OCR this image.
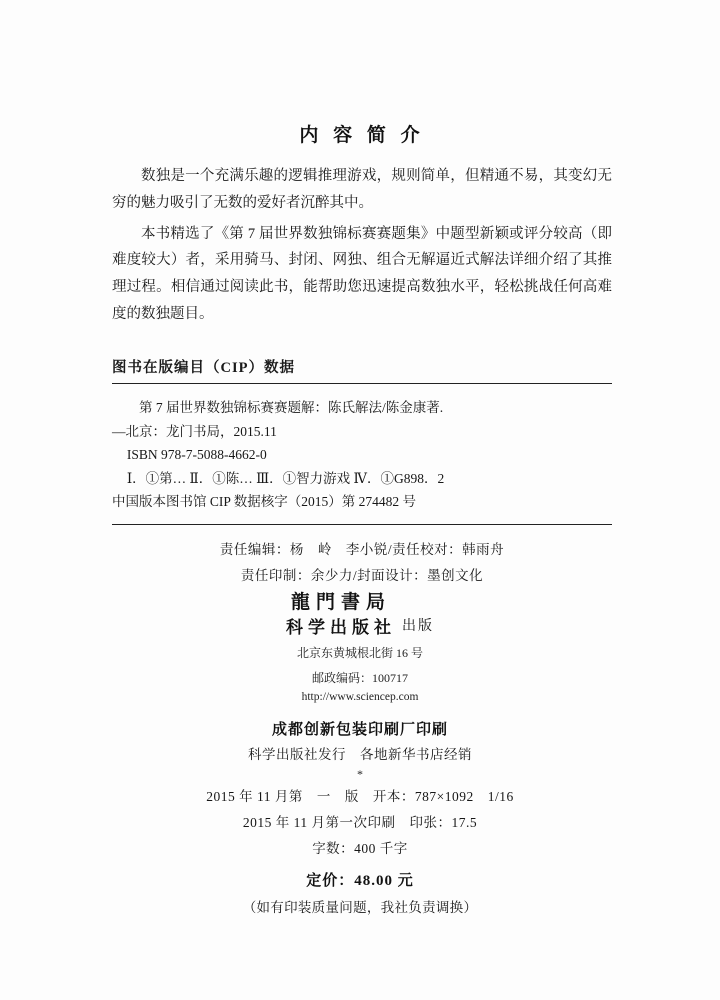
内 容 简 介

数独是一个充满乐趣的逻辑推理游戏，规则简单，但精通不易，其变幻无穷的魅力吸引了无数的爱好者沉醉其中。

本书精选了《第 7 届世界数独锦标赛赛题集》中题型新颖或评分较高（即难度较大）者，采用骑马、封闭、网独、组合无解逼近式解法详细介绍了其推理过程。相信通过阅读此书，能帮助您迅速提高数独水平，轻松挑战任何高难度的数独题目。

图书在版编目（CIP）数据
第 7 届世界数独锦标赛赛题解：陈氏解法/陈金康著.
—北京：龙门书局，2015.11
ISBN 978-7-5088-4662-0
Ⅰ．①第… Ⅱ．①陈… Ⅲ．①智力游戏 Ⅳ．①G898．2
中国版本图书馆 CIP 数据核字（2015）第 274482 号
责任编辑：杨　岭　李小锐/责任校对：韩雨舟
责任印制：余少力/封面设计：墨创文化
龍門書局
科学出版社 出版
北京东黄城根北街 16 号
邮政编码：100717
http://www.sciencep.com
成都创新包装印刷厂印刷
科学出版社发行　各地新华书店经销
*
2015 年 11 月第　一　版　开本：787×1092　1/16
2015 年 11 月第一次印刷　印张：17.5
字数：400 千字
定价：48.00 元
（如有印装质量问题，我社负责调换）
